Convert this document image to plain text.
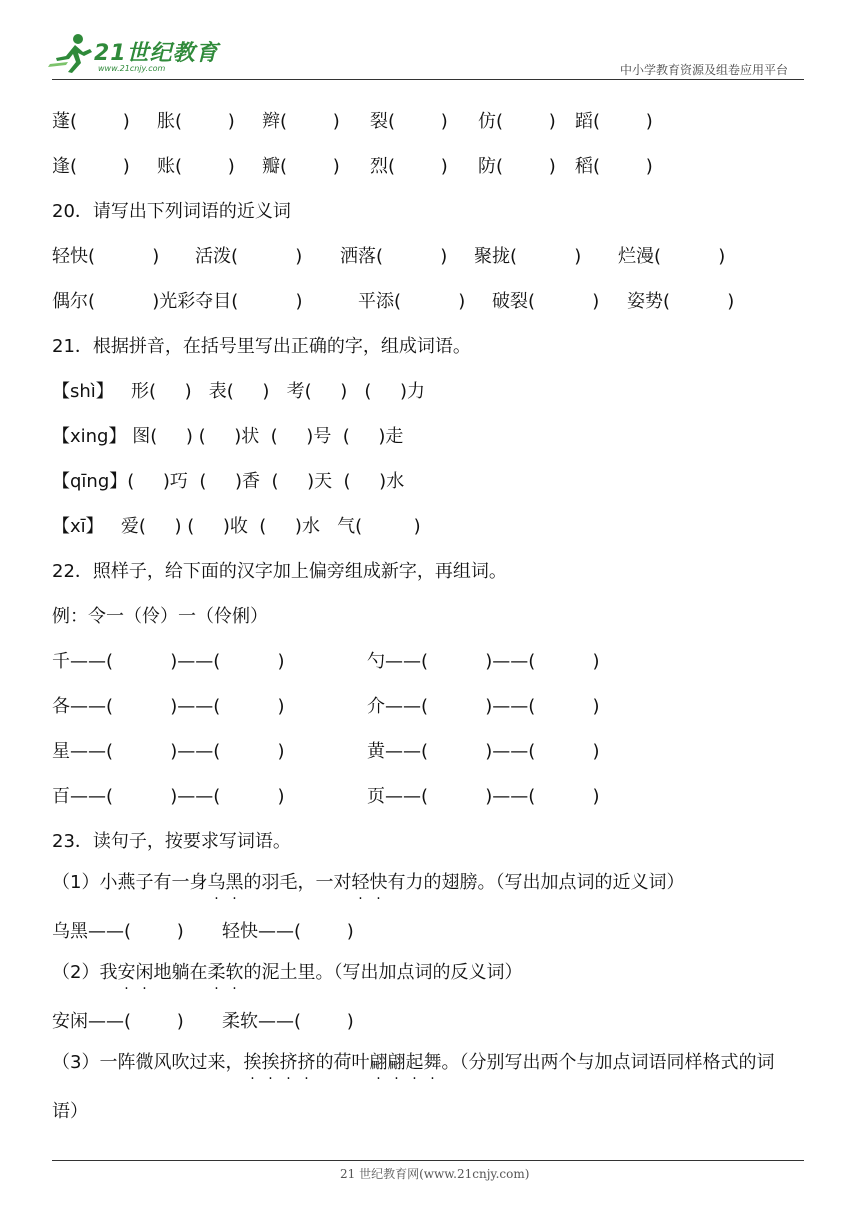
21世纪教育

www.21cnjy.com

	中小学教育资源及组卷应用平台
蓬(        ) 胀(        ) 辫(        ) 裂(        ) 仿(        ) 蹈(        )
逢(        ) 账(        ) 瓣(        ) 烈(        ) 防(        ) 稻(        )
20．请写出下列词语的近义词
轻快(          ) 活泼(          ) 洒落(          ) 聚拢(          ) 烂漫(          )
偶尔(          )光彩夺目(          )	平添(          ) 破裂(          ) 姿势(          )
21．根据拼音，在括号里写出正确的字，组成词语。
【shì】   形(     )   表(     )   考(     )   (     )力
【xing】 图(     ) (     )状  (     )号  (     )走
【qīng】(     )巧  (     )香  (     )天  (     )水
【xī】   爱(     ) (     )收  (     )水   气(         )
22．照样子，给下面的汉字加上偏旁组成新字，再组词。
例：令一（伶）一（伶俐）
千——(          )——(          )	勺——(          )——(          )
各——(          )——(          )	介——(          )——(          )
星——(          )——(          )	黄——(          )——(          )
百——(          )——(          )	页——(          )——(          )
23．读句子，按要求写词语。
乌黑——(        ) 轻快——(        )
安闲——(        ) 柔软——(        )
语）
（1）小燕子有一身乌黑的羽毛，一对轻快有力的翅膀。（写出加点词的近义词）
（2）我安闲地躺在柔软的泥土里。（写出加点词的反义词）
（3）一阵微风吹过来，挨挨挤挤的荷叶翩翩起舞。（分别写出两个与加点词语同样格式的词
21 世纪教育网(www.21cnjy.com)
